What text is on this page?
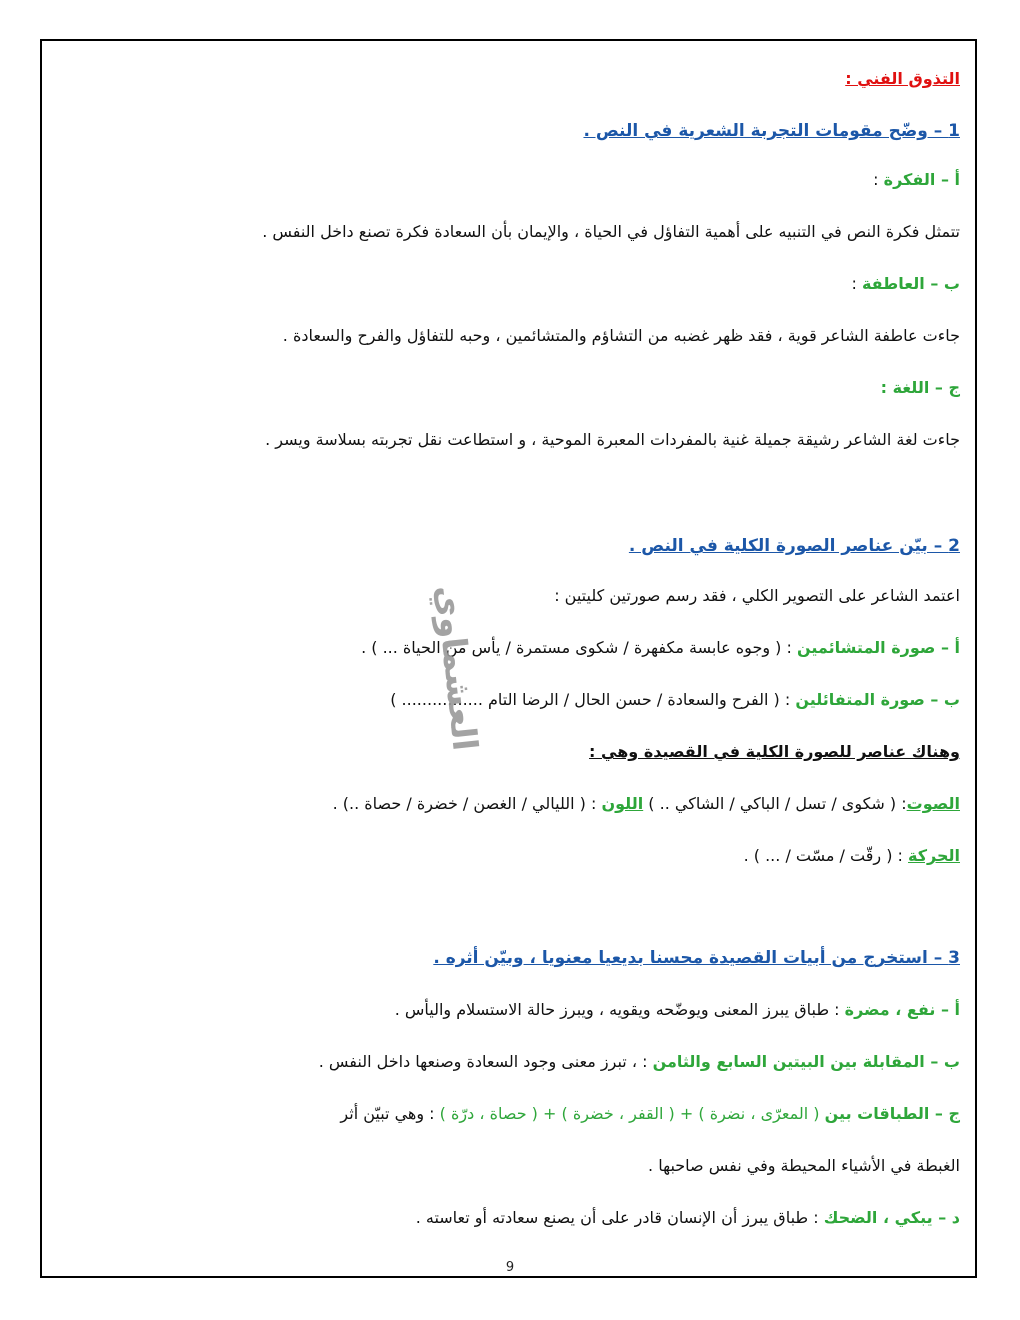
التذوق الفني :
1 – وضّح مقومات التجربة الشعرية في النص .
أ – الفكرة :
تتمثل فكرة النص في التنبيه على أهمية التفاؤل في الحياة ، والإيمان بأن السعادة فكرة تصنع داخل النفس .
ب – العاطفة :
جاءت عاطفة الشاعر قوية ، فقد ظهر غضبه من التشاؤم والمتشائمين ، وحبه للتفاؤل والفرح والسعادة .
ج – اللغة :
جاءت لغة الشاعر رشيقة جميلة غنية بالمفردات المعبرة الموحية ، و استطاعت نقل تجربته بسلاسة ويسر .
2 – بيّن عناصر الصورة الكلية في النص .
اعتمد الشاعر على التصوير الكلي ، فقد رسم صورتين كليتين :
أ – صورة المتشائمين : ( وجوه عابسة مكفهرة / شكوى مستمرة / يأس من الحياة ... ) .
ب – صورة المتفائلين : ( الفرح والسعادة / حسن الحال / الرضا التام ................ )
وهناك عناصر للصورة الكلية في القصيدة وهي :
الصوت: ( شكوى / تسل / الباكي / الشاكي .. ) اللون : ( الليالي / الغصن / خضرة / حصاة ..) .
الحركة : ( رقّت / مسّت / ... ) .
3 – استخرج من أبيات القصيدة محسنا بديعيا معنويا ، وبيّن أثره .
أ – نفع ، مضرة : طباق يبرز المعنى ويوضّحه ويقويه ، ويبرز حالة الاستسلام واليأس .
ب – المقابلة بين البيتين السابع والثامن : ، تبرز معنى وجود السعادة وصنعها داخل النفس .
ج – الطباقات بين ( المعرّى ، نضرة ) + ( القفر ، خضرة ) + ( حصاة ، درّة ) : وهي تبيّن أثر
الغبطة في الأشياء المحيطة وفي نفس صاحبها .
د – يبكي ، الضحك : طباق يبرز أن الإنسان قادر على أن يصنع سعادته أو تعاسته .
العشماوي
9
